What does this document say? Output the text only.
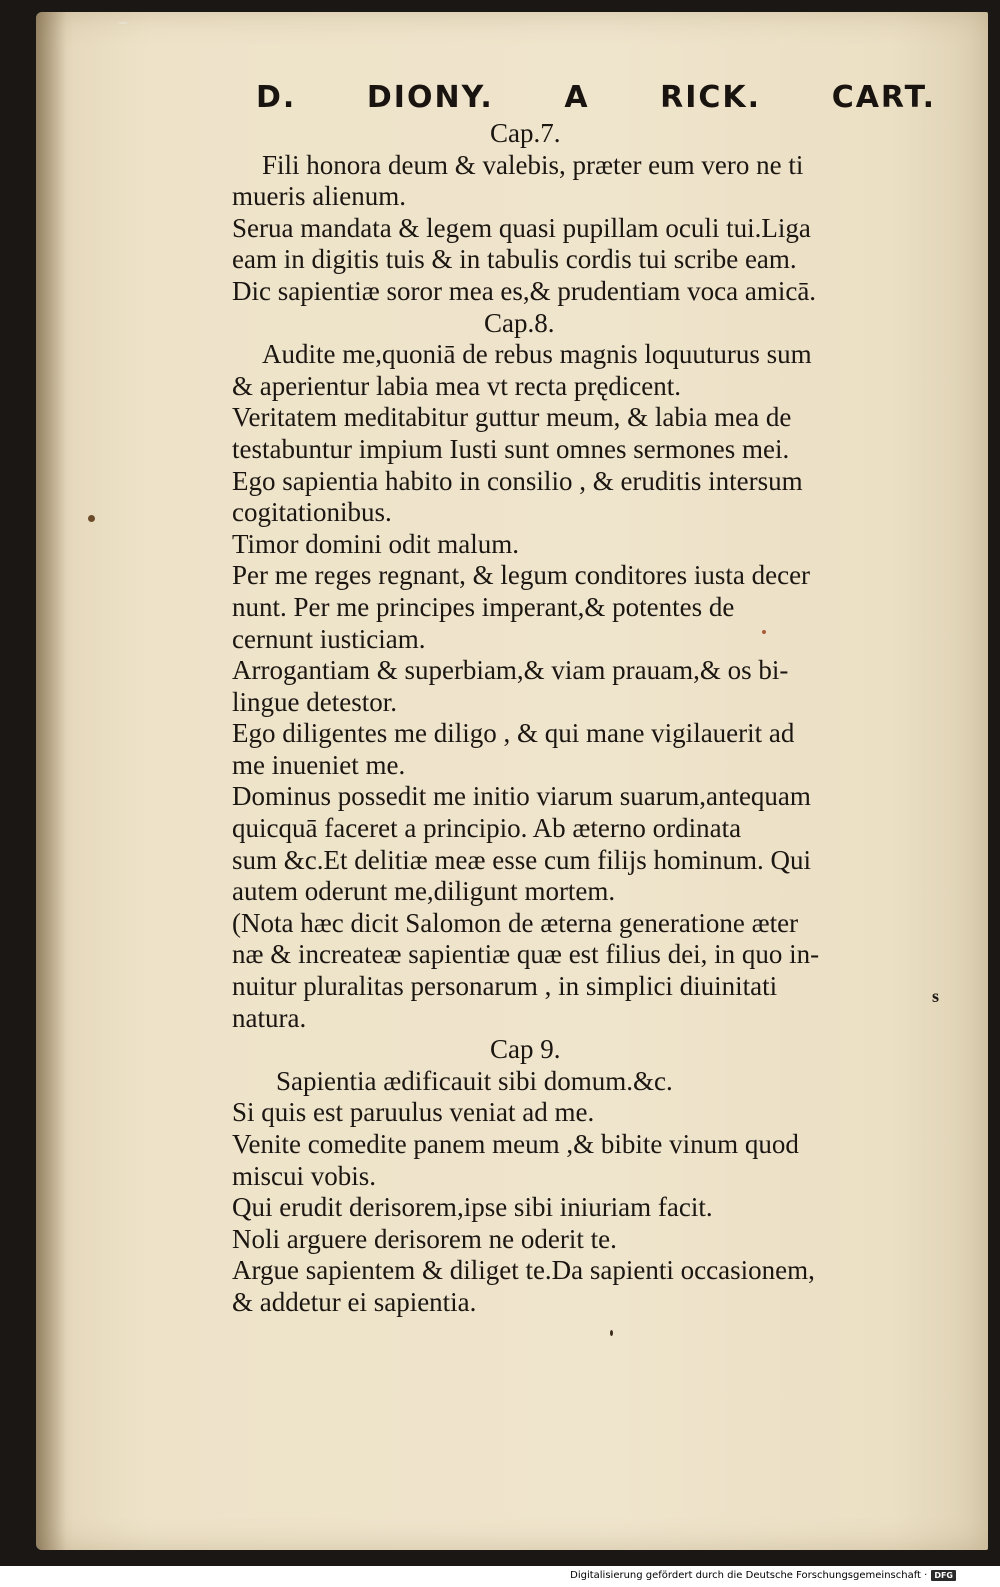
D. DIONY. A RICK. CART.
Cap.7.
Fili honora deum & valebis, præter eum vero ne ti
mueris alienum.
Serua mandata & legem quasi pupillam oculi tui.Liga
eam in digitis tuis & in tabulis cordis tui scribe eam.
Dic sapientiæ soror mea es,& prudentiam voca amicā.
Cap.8.
Audite me,quoniā de rebus magnis loquuturus sum
& aperientur labia mea vt recta prędicent.
Veritatem meditabitur guttur meum, & labia mea de
testabuntur impium Iusti sunt omnes sermones mei.
Ego sapientia habito in consilio , & eruditis intersum
cogitationibus.
Timor domini odit malum.
Per me reges regnant, & legum conditores iusta decer
nunt. Per me principes imperant,& potentes de
cernunt iusticiam.
Arrogantiam & superbiam,& viam prauam,& os bi-
lingue detestor.
Ego diligentes me diligo , & qui mane vigilauerit ad
me inueniet me.
Dominus possedit me initio viarum suarum,antequam
quicquā faceret a principio. Ab æterno ordinata
sum &c.Et delitiæ meæ esse cum filijs hominum. Qui
autem oderunt me,diligunt mortem.
(Nota hæc dicit Salomon de æterna generatione æter
næ & increateæ sapientiæ quæ est filius dei, in quo in-
nuitur pluralitas personarum , in simplici diuinitati
natura.
Cap 9.
Sapientia ædificauit sibi domum.&c.
Si quis est paruulus veniat ad me.
Venite comedite panem meum ,& bibite vinum quod
miscui vobis.
Qui erudit derisorem,ipse sibi iniuriam facit.
Noli arguere derisorem ne oderit te.
Argue sapientem & diliget te.Da sapienti occasionem,
& addetur ei sapientia.
s
Digitalisierung gefördert durch die Deutsche Forschungsgemeinschaft · DFG
